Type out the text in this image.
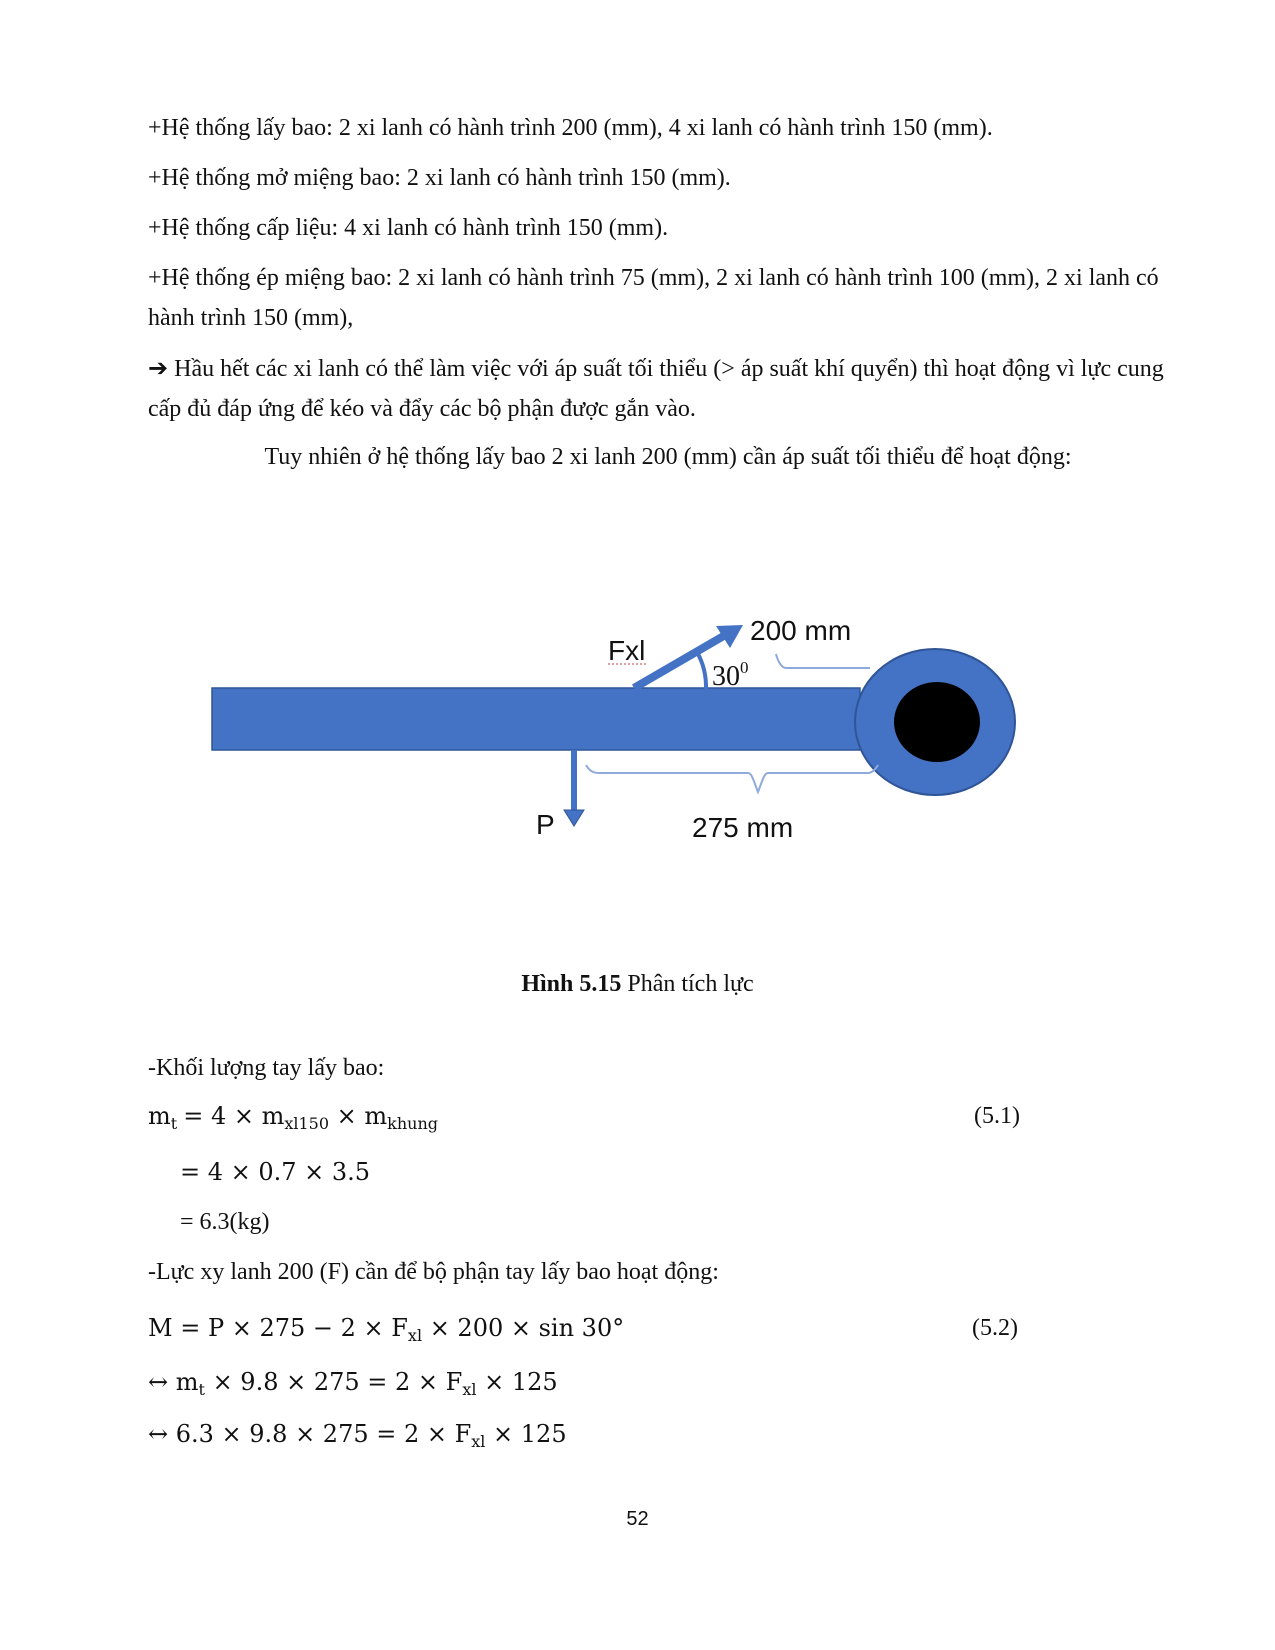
+Hệ thống lấy bao: 2 xi lanh có hành trình 200 (mm), 4 xi lanh có hành trình 150 (mm).

+Hệ thống mở miệng bao: 2 xi lanh có hành trình 150 (mm).

+Hệ thống cấp liệu: 4 xi lanh có hành trình 150 (mm).

+Hệ thống ép miệng bao: 2 xi lanh có hành trình 75 (mm), 2 xi lanh có hành trình 100 (mm), 2 xi lanh có hành trình 150 (mm),

➔ Hầu hết các xi lanh có thể làm việc với áp suất tối thiểu (> áp suất khí quyển) thì hoạt động vì lực cung cấp đủ đáp ứng để kéo và đẩy các bộ phận được gắn vào.

Tuy nhiên ở hệ thống lấy bao 2 xi lanh 200 (mm) cần áp suất tối thiểu để hoạt động:

Fxl
$30^0$
200 mm
P	275 mm
Hình 5.15 Phân tích lực

-Khối lượng tay lấy bao:

$m_t = 4 \times m_{xl150} \times m_{khung}$	(5.1)
= 4 × 0.7 × 3.5
= 6.3(kg)

-Lực xy lanh 200 (F) cần để bộ phận tay lấy bao hoạt động:

$M = P \times 275 - 2 \times F_{xl} \times 200 \times \sin 30^\circ$	(5.2)
↔ $m_t \times 9.8 \times 275 = 2 \times F_{xl} \times 125$
↔ $6.3 \times 9.8 \times 275 = 2 \times F_{xl} \times 125$
52
